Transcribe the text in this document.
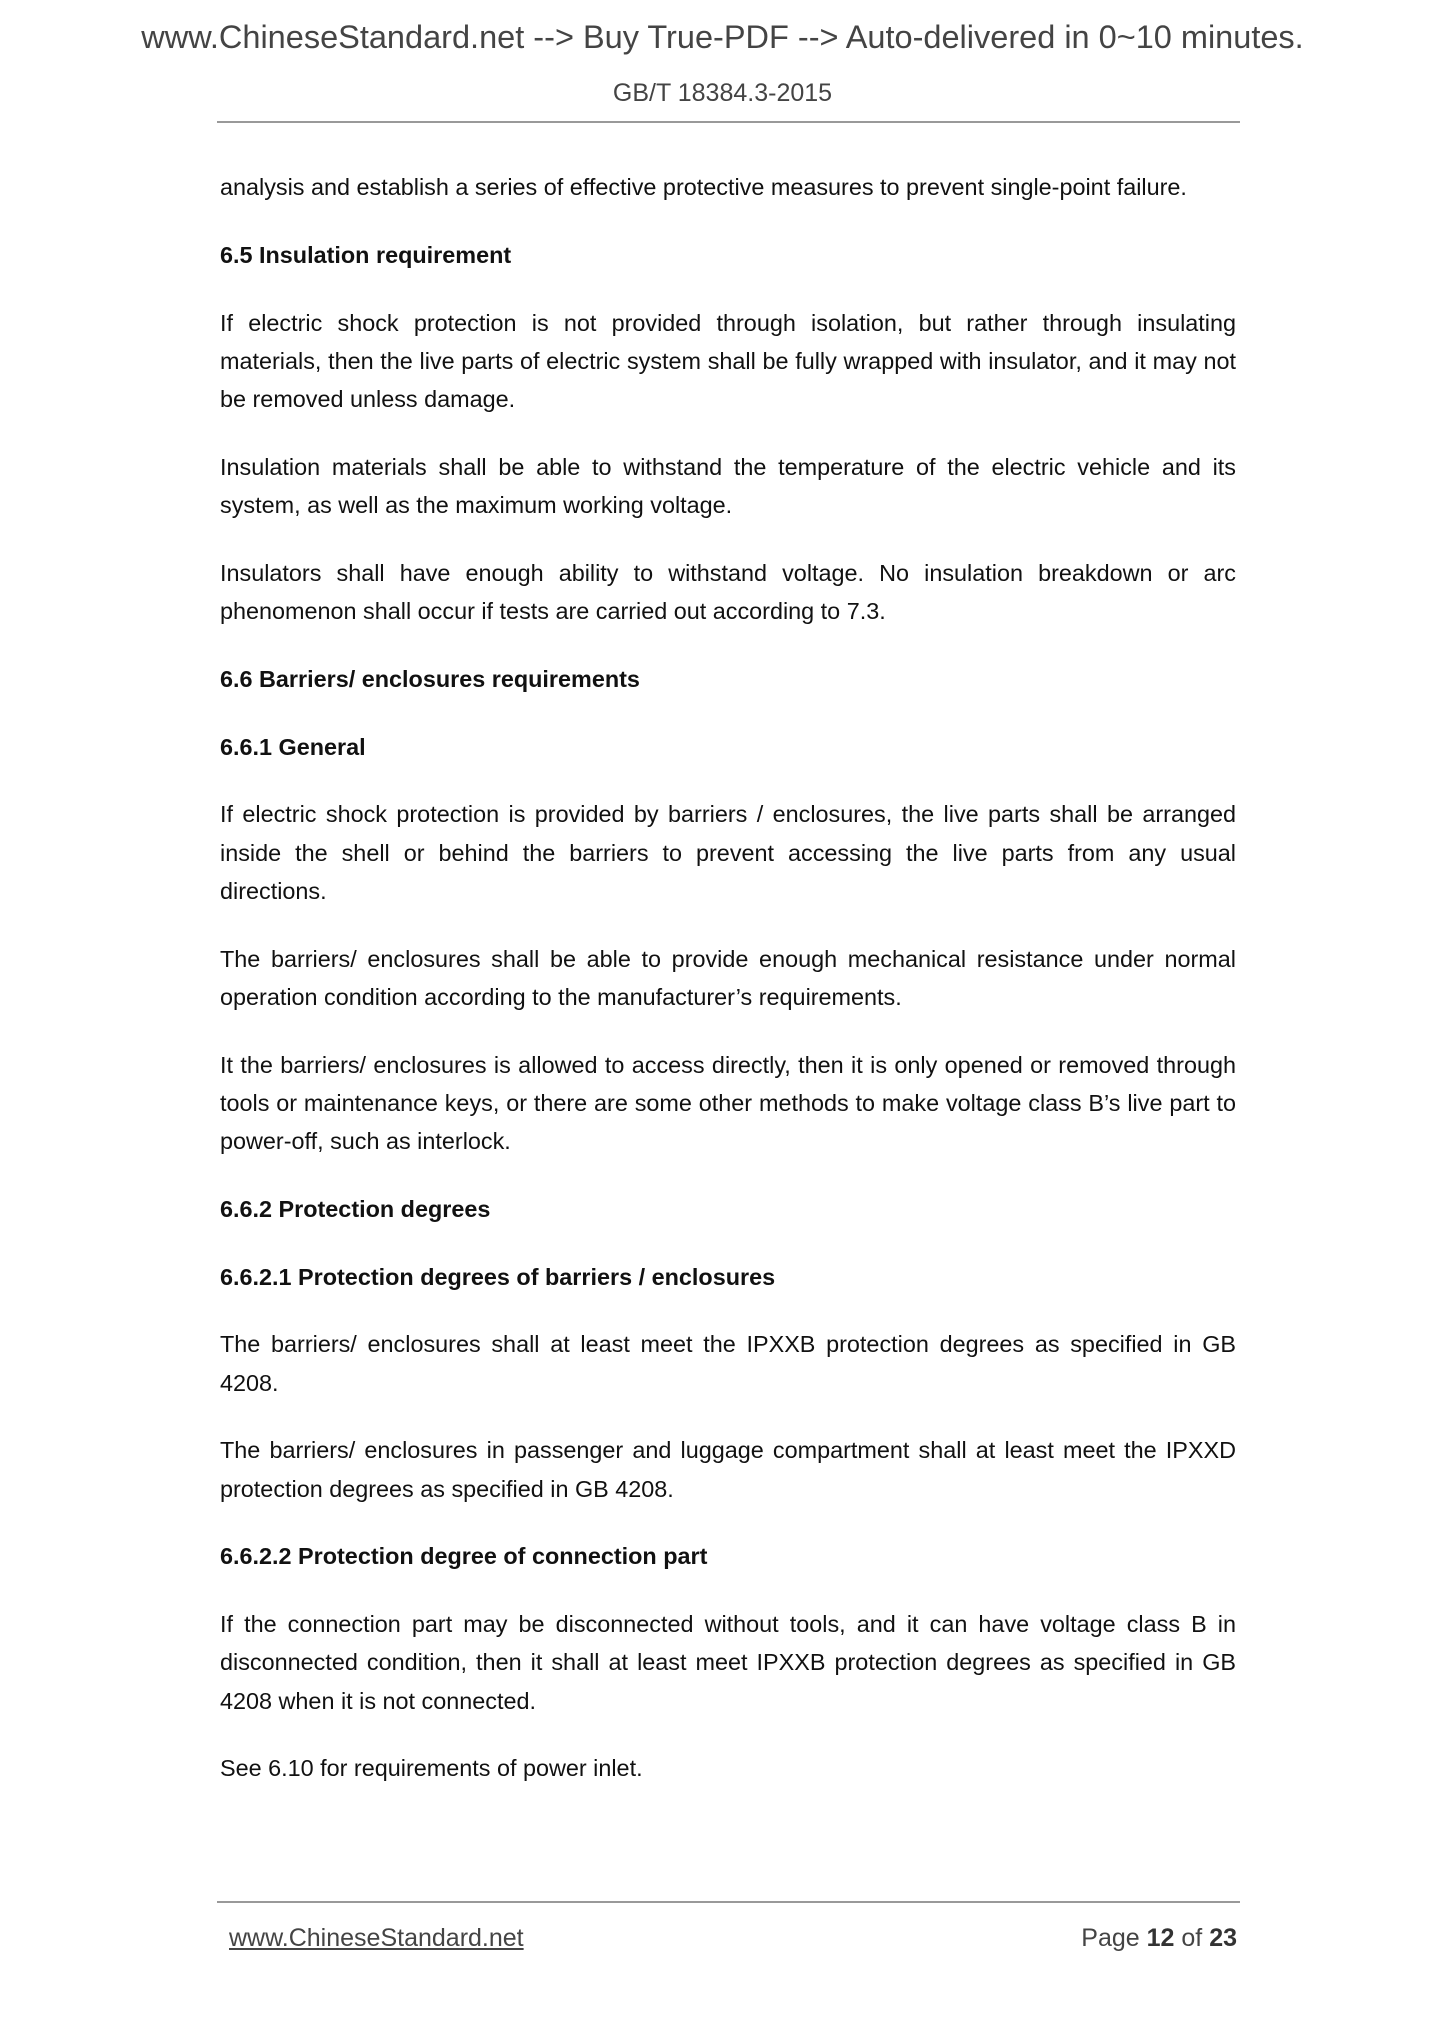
www.ChineseStandard.net --> Buy True-PDF --> Auto-delivered in 0~10 minutes.
GB/T 18384.3-2015

analysis and establish a series of effective protective measures to prevent single-point failure.

6.5 Insulation requirement

If electric shock protection is not provided through isolation, but rather through insulating materials, then the live parts of electric system shall be fully wrapped with insulator, and it may not be removed unless damage.

Insulation materials shall be able to withstand the temperature of the electric vehicle and its system, as well as the maximum working voltage.

Insulators shall have enough ability to withstand voltage. No insulation breakdown or arc phenomenon shall occur if tests are carried out according to 7.3.

6.6 Barriers/ enclosures requirements

6.6.1 General

If electric shock protection is provided by barriers / enclosures, the live parts shall be arranged inside the shell or behind the barriers to prevent accessing the live parts from any usual directions.

The barriers/ enclosures shall be able to provide enough mechanical resistance under normal operation condition according to the manufacturer’s requirements.

It the barriers/ enclosures is allowed to access directly, then it is only opened or removed through tools or maintenance keys, or there are some other methods to make voltage class B’s live part to power-off, such as interlock.

6.6.2 Protection degrees

6.6.2.1 Protection degrees of barriers / enclosures

The barriers/ enclosures shall at least meet the IPXXB protection degrees as specified in GB 4208.

The barriers/ enclosures in passenger and luggage compartment shall at least meet the IPXXD protection degrees as specified in GB 4208.

6.6.2.2 Protection degree of connection part

If the connection part may be disconnected without tools, and it can have voltage class B in disconnected condition, then it shall at least meet IPXXB protection degrees as specified in GB 4208 when it is not connected.

See 6.10 for requirements of power inlet.

www.ChineseStandard.net	Page 12 of 23
